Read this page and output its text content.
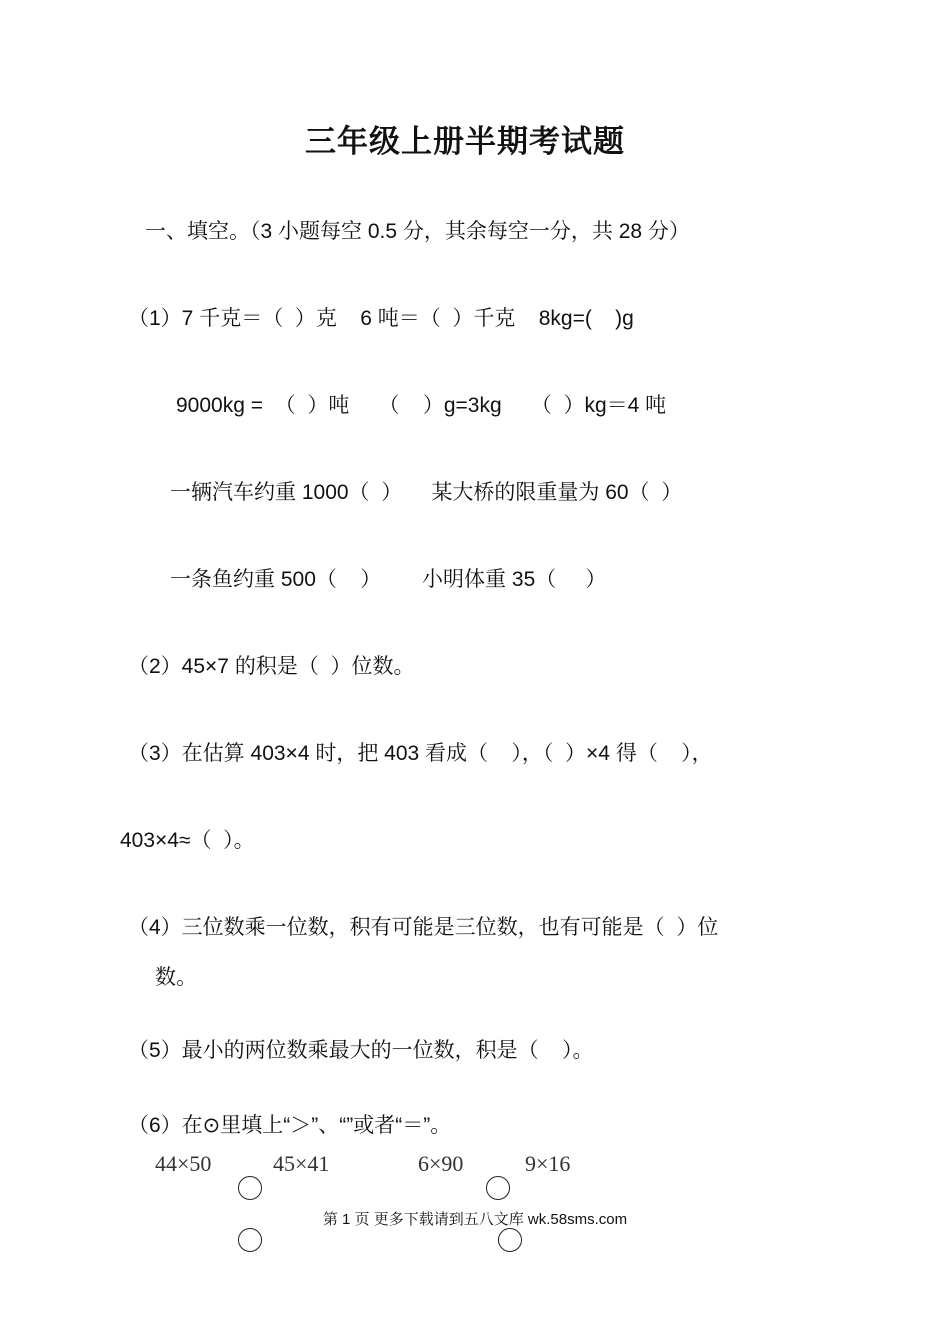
三年级上册半期考试题
一、填空。（3 小题每空 0.5 分，其余每空一分，共 28 分）
（1）7 千克＝（  ）克    6 吨＝（  ）千克    8kg=(    )g
9000kg =  （  ）吨     （    ）g=3kg     （  ）kg＝4 吨
一辆汽车约重 1000（  ）     某大桥的限重量为 60（  ）
一条鱼约重 500（    ）       小明体重 35（     ）
（2）45×7 的积是（  ）位数。
（3）在估算 403×4 时，把 403 看成（    ），（  ）×4 得（    ），
403×4≈（  ）。
（4）三位数乘一位数，积有可能是三位数，也有可能是（  ）位
数。
（5）最小的两位数乘最大的一位数，积是（    ）。
（6）在⊙里填上“＞”、“”或者“＝”。
44×50	45×41	6×90	9×16
第 1 页 更多下载请到五八文库 wk.58sms.com
